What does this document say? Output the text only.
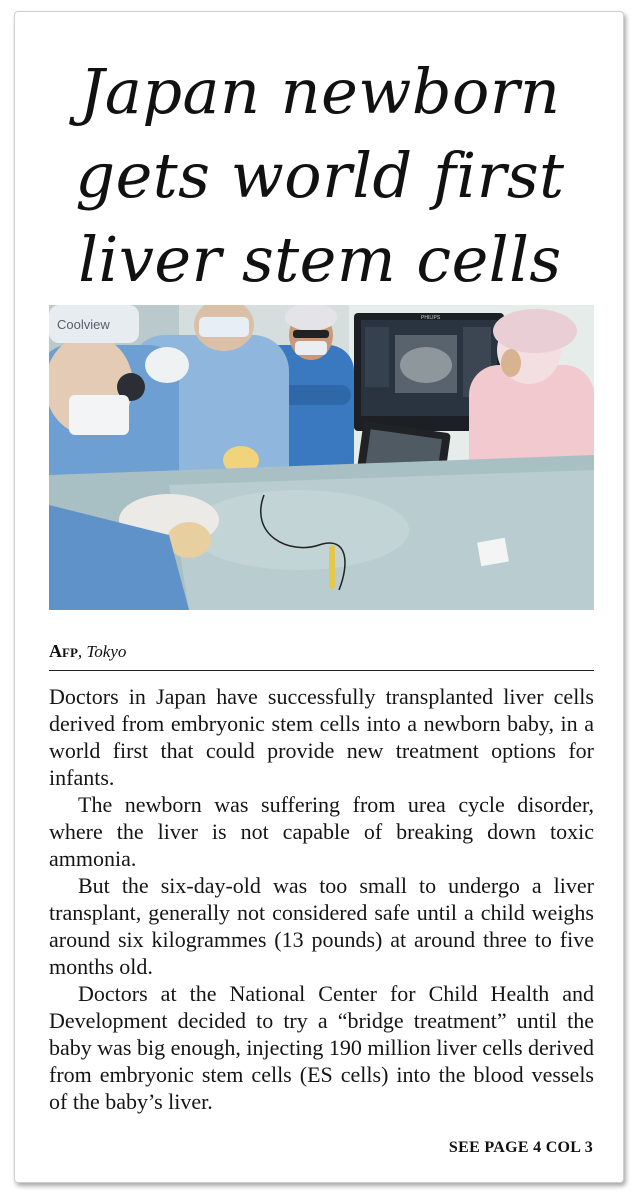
Japan newborn gets world first liver stem cells
PHILIPS
Coolview
Afp, Tokyo

Doctors in Japan have successfully transplanted liver cells derived from embryonic stem cells into a newborn baby, in a world first that could provide new treatment options for infants.

The newborn was suffering from urea cycle disorder, where the liver is not capable of breaking down toxic ammonia.

But the six-day-old was too small to undergo a liver transplant, generally not considered safe until a child weighs around six kilogrammes (13 pounds) at around three to five months old.

Doctors at the National Center for Child Health and Development decided to try a “bridge treatment” until the baby was big enough, injecting 190 million liver cells derived from embryonic stem cells (ES cells) into the blood vessels of the baby’s liver.

SEE PAGE 4 COL 3
